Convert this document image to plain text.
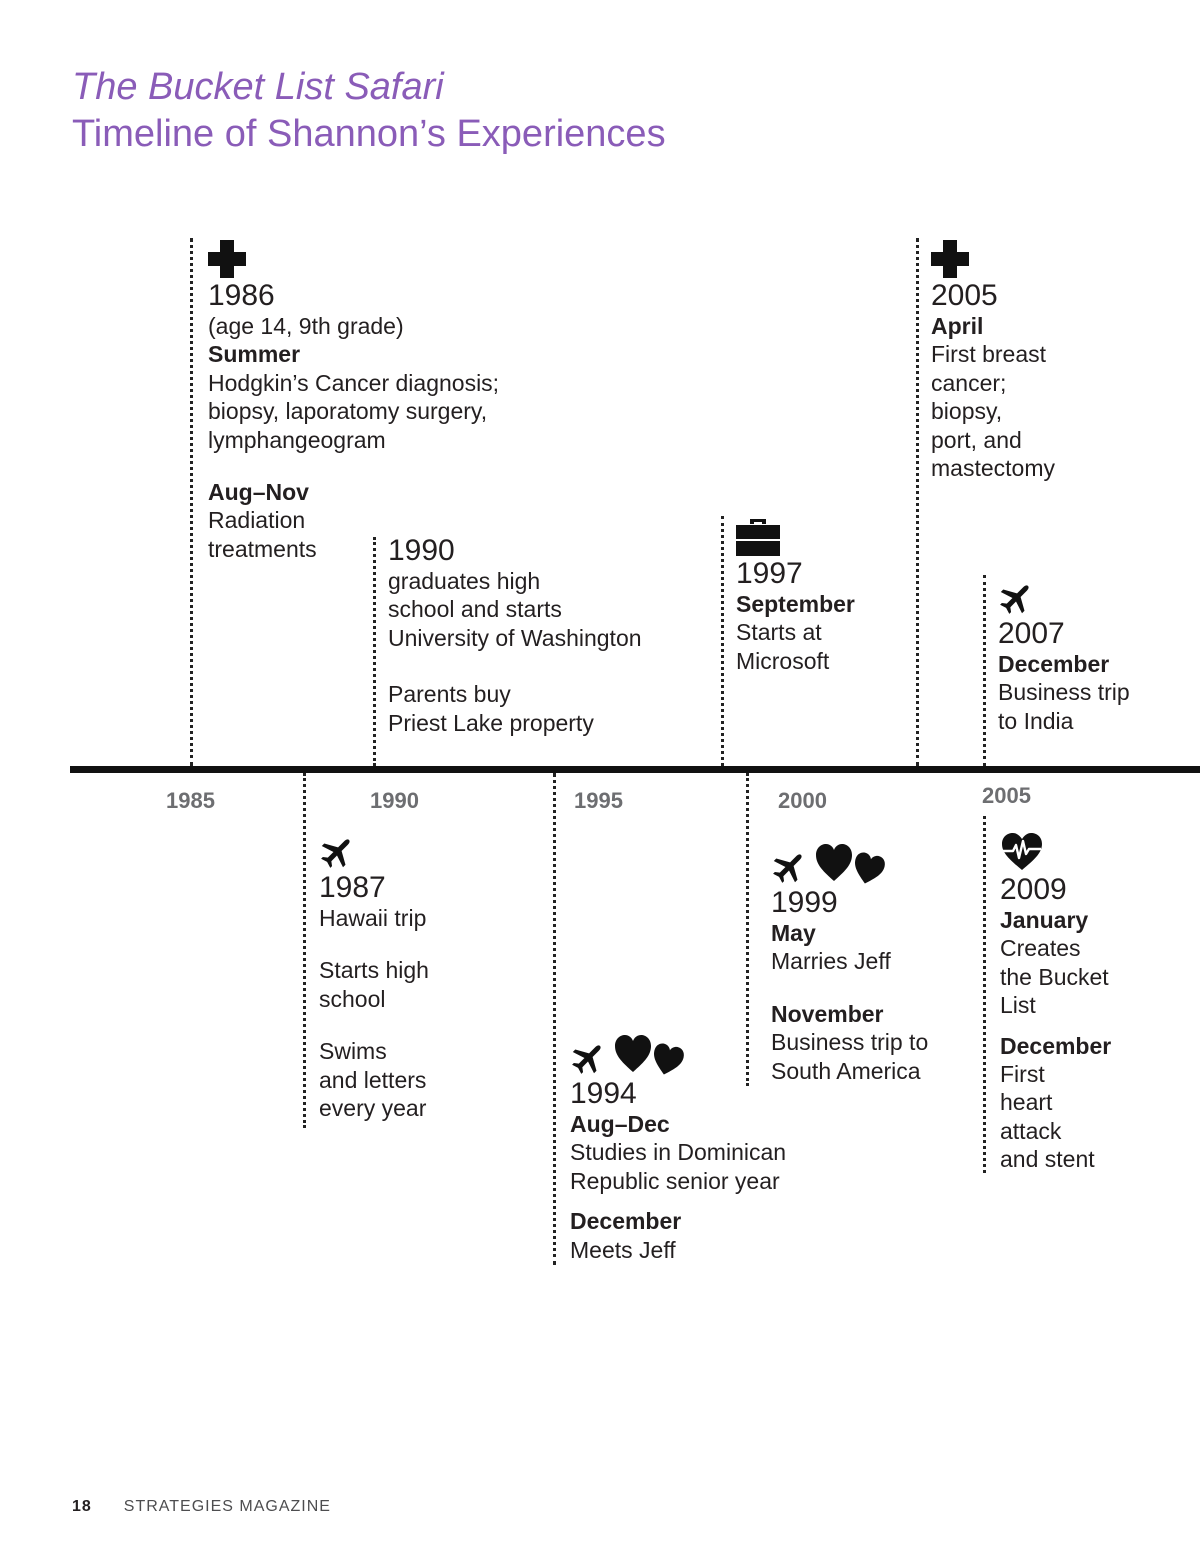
The Bucket List Safari
Timeline of Shannon’s Experiences
1985	1990	1995	2000	2005

1986

(age 14, 9th grade)

Summer

Hodgkin’s Cancer diagnosis;

biopsy, laporatomy surgery,

lymphangeogram

Aug–Nov

Radiation

treatments	1990

graduates high

school and starts

University of Washington

Parents buy

Priest Lake property

1997

September

Starts at

Microsoft

2005

April

First breast

cancer;

biopsy,

port, and

mastectomy

2007

December

Business trip

to India

1987

Hawaii trip

Starts high

school

Swims

and letters

every year	1994

Aug–Dec

Studies in Dominican

Republic senior year

December

Meets Jeff

1999

May

Marries Jeff

November

Business trip to

South America

2009

January

Creates

the Bucket

List

December

First

heart

attack

and stent

18 STRATEGIES MAGAZINE
